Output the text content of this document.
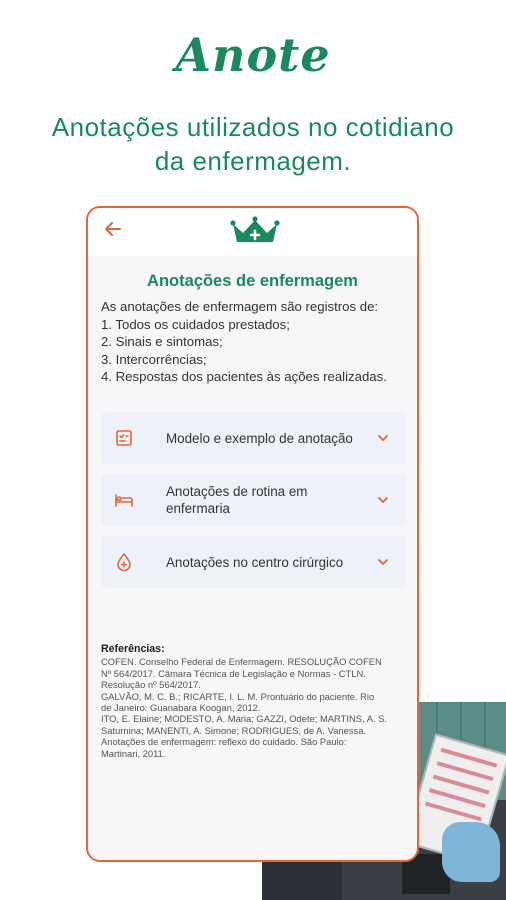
Anote
Anotações utilizados no cotidiano da enfermagem.
Anotações de enfermagem
As anotações de enfermagem são registros de:
1. Todos os cuidados prestados;
2. Sinais e sintomas;
3. Intercorrências;
4. Respostas dos pacientes às ações realizadas.
Modelo e exemplo de anotação
Anotações de rotina em enfermaria
Anotações no centro cirúrgico
Referências:
COFEN. Conselho Federal de Enfermagem. RESOLUÇÃO COFEN
Nº 564/2017. Câmara Técnica de Legislação e Normas - CTLN.
Resolução nº 564/2017.
GALVÃO, M. C. B.; RICARTE, I. L. M. Prontuário do paciente. Rio
de Janeiro: Guanabara Koogan, 2012.
ITO, E. Elaine; MODESTO, A. Maria; GAZZI, Odete; MARTINS, A. S.
Saturnina; MANENTI, A. Simone; RODRIGUES, de A. Vanessa.
Anotações de enfermagem: reflexo do cuidado. São Paulo:
Martinari, 2011.
